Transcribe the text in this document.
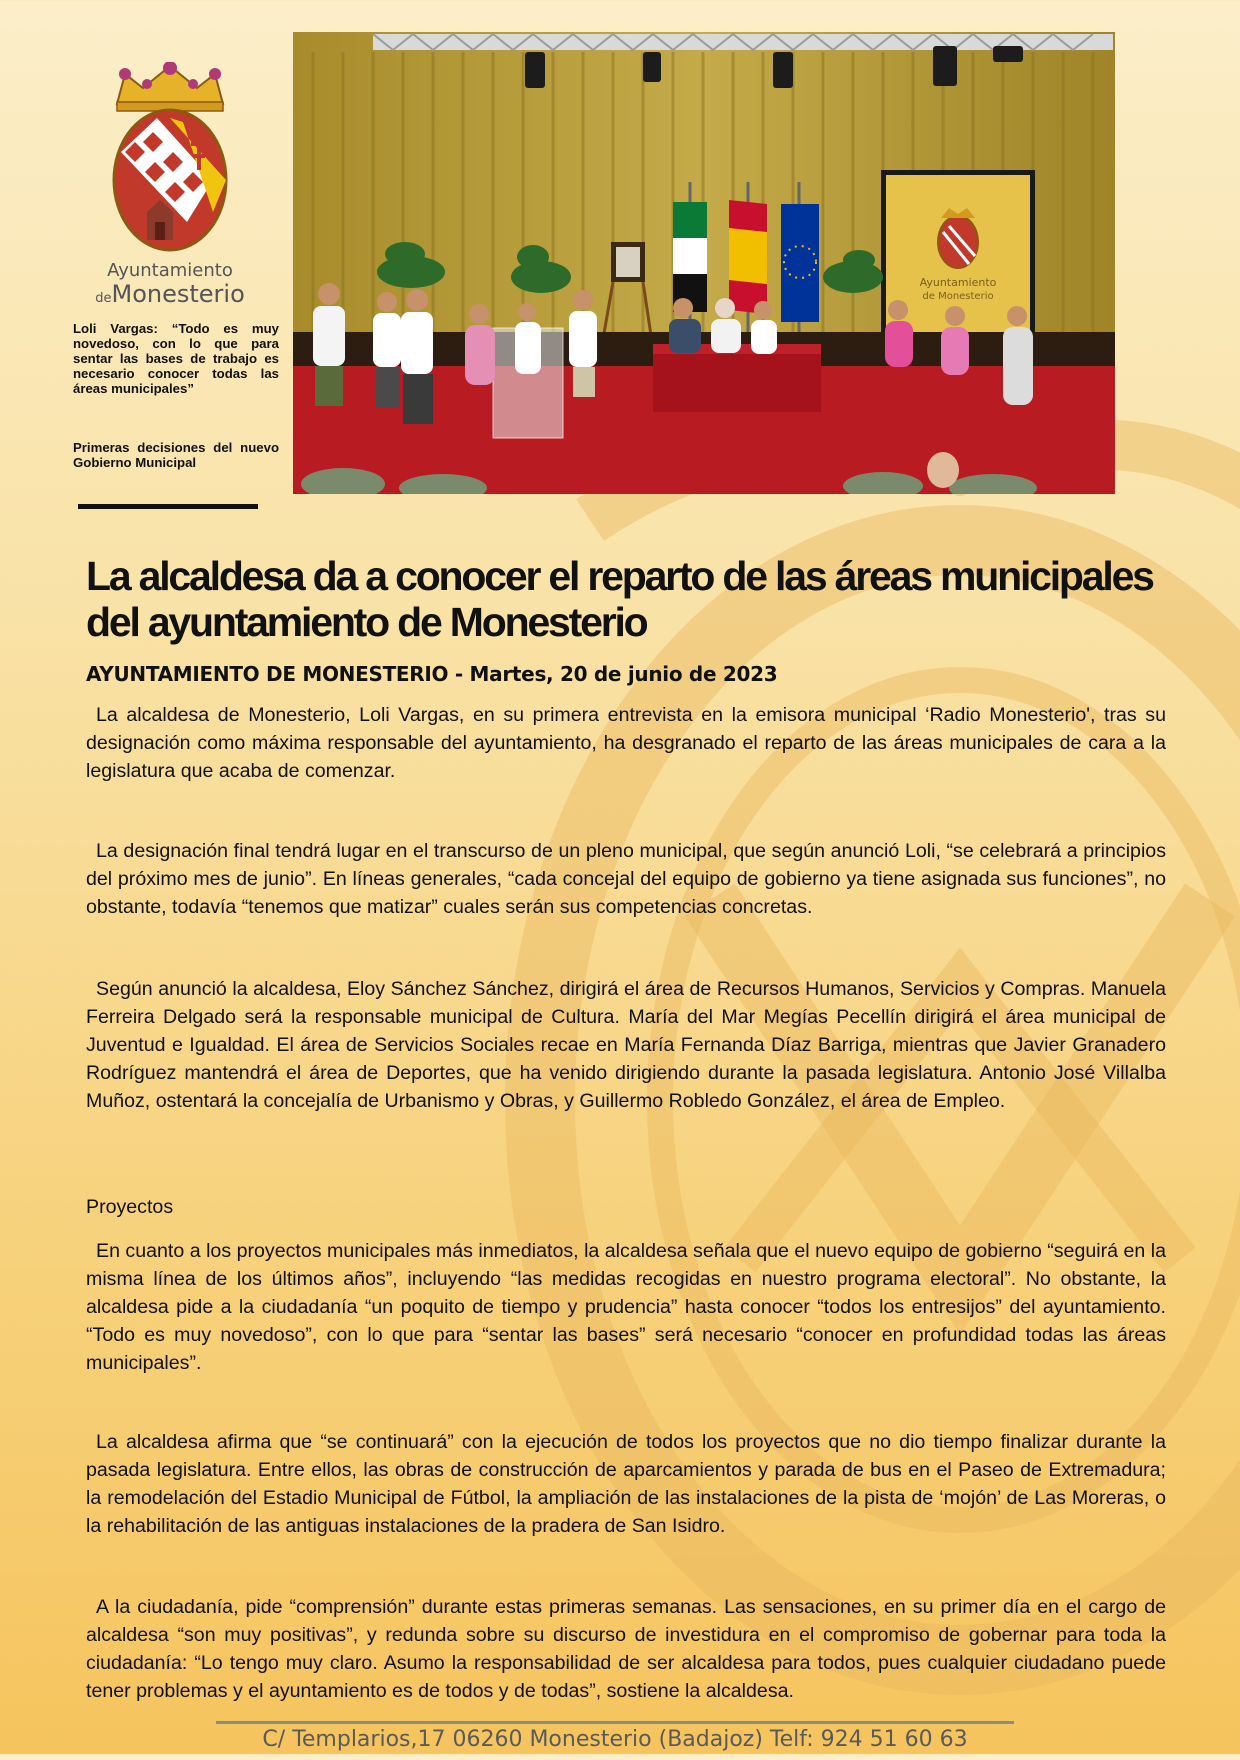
Ayuntamiento
deMonesterio
Loli Vargas: “Todo es muy novedoso, con lo que para sentar las bases de trabajo es necesario conocer todas las áreas municipales”
Primeras decisiones del nuevo Gobierno Municipal
Ayuntamiento
de Monesterio
La alcaldesa da a conocer el reparto de las áreas municipales del ayuntamiento de Monesterio
AYUNTAMIENTO DE MONESTERIO - Martes, 20 de junio de 2023

La alcaldesa de Monesterio, Loli Vargas, en su primera entrevista en la emisora municipal ‘Radio Monesterio', tras su designación como máxima responsable del ayuntamiento, ha desgranado el reparto de las áreas municipales de cara a la legislatura que acaba de comenzar.

La designación final tendrá lugar en el transcurso de un pleno municipal, que según anunció Loli, “se celebrará a principios del próximo mes de junio”. En líneas generales, “cada concejal del equipo de gobierno ya tiene asignada sus funciones”, no obstante, todavía “tenemos que matizar” cuales serán sus competencias concretas.

Según anunció la alcaldesa, Eloy Sánchez Sánchez, dirigirá el área de Recursos Humanos, Servicios y Compras. Manuela Ferreira Delgado será la responsable municipal de Cultura. María del Mar Megías Pecellín dirigirá el área municipal de Juventud e Igualdad. El área de Servicios Sociales recae en María Fernanda Díaz Barriga, mientras que Javier Granadero Rodríguez mantendrá el área de Deportes, que ha venido dirigiendo durante la pasada legislatura. Antonio José Villalba Muñoz, ostentará la concejalía de Urbanismo y Obras, y Guillermo Robledo González, el área de Empleo.

Proyectos

En cuanto a los proyectos municipales más inmediatos, la alcaldesa señala que el nuevo equipo de gobierno “seguirá en la misma línea de los últimos años”, incluyendo “las medidas recogidas en nuestro programa electoral”. No obstante, la alcaldesa pide a la ciudadanía “un poquito de tiempo y prudencia” hasta conocer “todos los entresijos” del ayuntamiento. “Todo es muy novedoso”, con lo que para “sentar las bases” será necesario “conocer en profundidad todas las áreas municipales”.

La alcaldesa afirma que “se continuará” con la ejecución de todos los proyectos que no dio tiempo finalizar durante la pasada legislatura. Entre ellos, las obras de construcción de aparcamientos y parada de bus en el Paseo de Extremadura; la remodelación del Estadio Municipal de Fútbol, la ampliación de las instalaciones de la pista de ‘mojón’ de Las Moreras, o la rehabilitación de las antiguas instalaciones de la pradera de San Isidro.

A la ciudadanía, pide “comprensión” durante estas primeras semanas. Las sensaciones, en su primer día en el cargo de alcaldesa “son muy positivas”, y redunda sobre su discurso de investidura en el compromiso de gobernar para toda la ciudadanía: “Lo tengo muy claro. Asumo la responsabilidad de ser alcaldesa para todos, pues cualquier ciudadano puede tener problemas y el ayuntamiento es de todos y de todas”, sostiene la alcaldesa.

C/ Templarios,17 06260 Monesterio (Badajoz) Telf: 924 51 60 63
